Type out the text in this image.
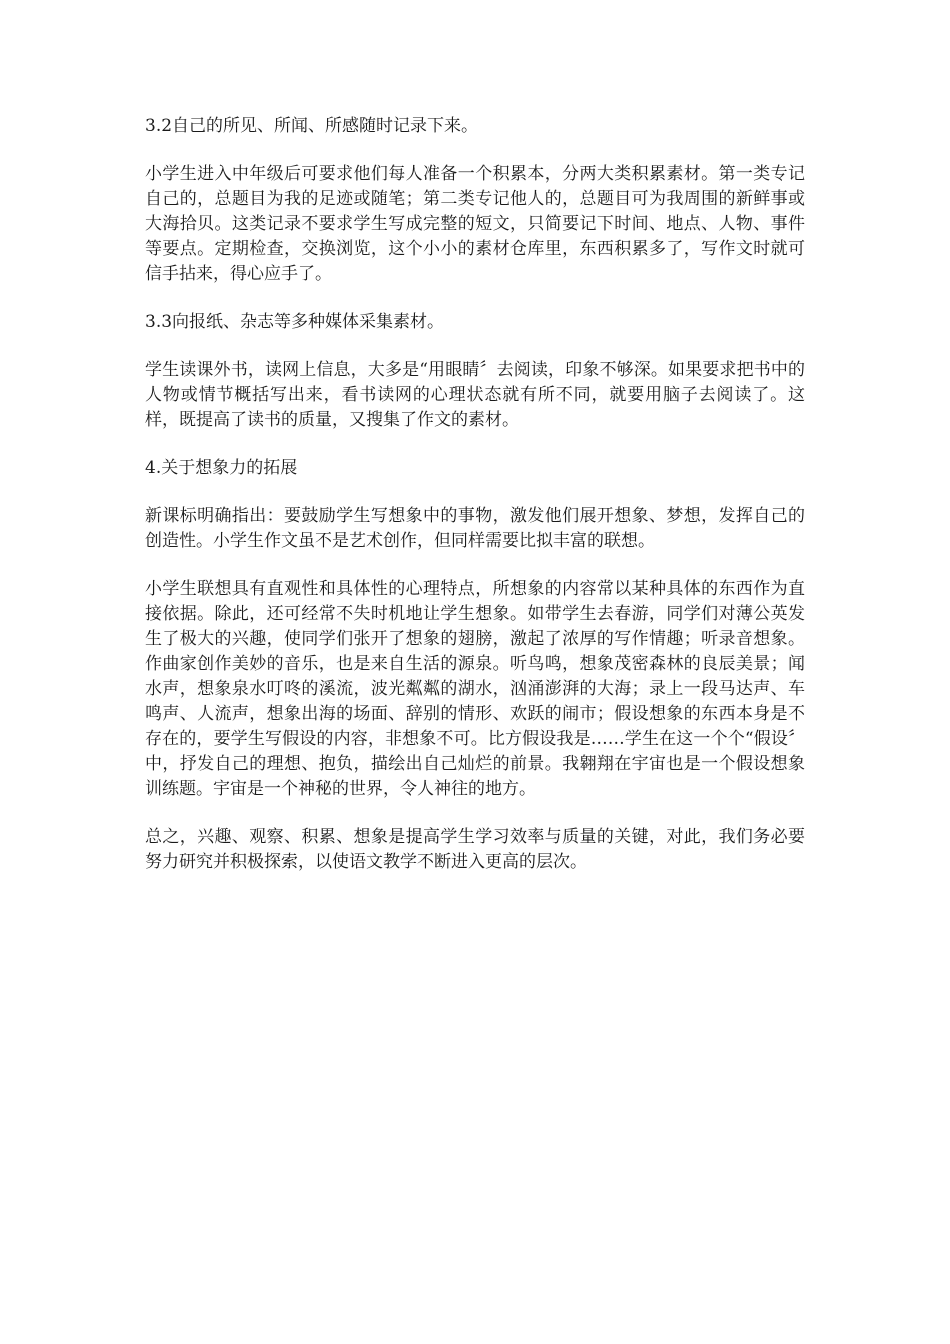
3.2自己的所见、所闻、所感随时记录下来。

小学生进入中年级后可要求他们每人准备一个积累本，分两大类积累素材。第一类专记自己的，总题目为我的足迹或随笔；第二类专记他人的，总题目可为我周围的新鲜事或大海拾贝。这类记录不要求学生写成完整的短文，只简要记下时间、地点、人物、事件等要点。定期检查，交换浏览，这个小小的素材仓库里，东西积累多了，写作文时就可信手拈来，得心应手了。

3.3向报纸、杂志等多种媒体采集素材。

学生读课外书，读网上信息，大多是“用眼睛〞去阅读，印象不够深。如果要求把书中的人物或情节概括写出来，看书读网的心理状态就有所不同，就要用脑子去阅读了。这样，既提高了读书的质量，又搜集了作文的素材。

4.关于想象力的拓展

新课标明确指出：要鼓励学生写想象中的事物，激发他们展开想象、梦想，发挥自己的创造性。小学生作文虽不是艺术创作，但同样需要比拟丰富的联想。

小学生联想具有直观性和具体性的心理特点，所想象的内容常以某种具体的东西作为直接依据。除此，还可经常不失时机地让学生想象。如带学生去春游，同学们对薄公英发生了极大的兴趣，使同学们张开了想象的翅膀，激起了浓厚的写作情趣；听录音想象。作曲家创作美妙的音乐，也是来自生活的源泉。听鸟鸣，想象茂密森林的良辰美景；闻水声，想象泉水叮咚的溪流，波光粼粼的湖水，汹涌澎湃的大海；录上一段马达声、车鸣声、人流声，想象出海的场面、辞别的情形、欢跃的闹市；假设想象的东西本身是不存在的，要学生写假设的内容，非想象不可。比方假设我是……学生在这一个个“假设〞中，抒发自己的理想、抱负，描绘出自己灿烂的前景。我翱翔在宇宙也是一个假设想象训练题。宇宙是一个神秘的世界，令人神往的地方。

总之，兴趣、观察、积累、想象是提高学生学习效率与质量的关键，对此，我们务必要努力研究并积极探索，以使语文教学不断进入更高的层次。
